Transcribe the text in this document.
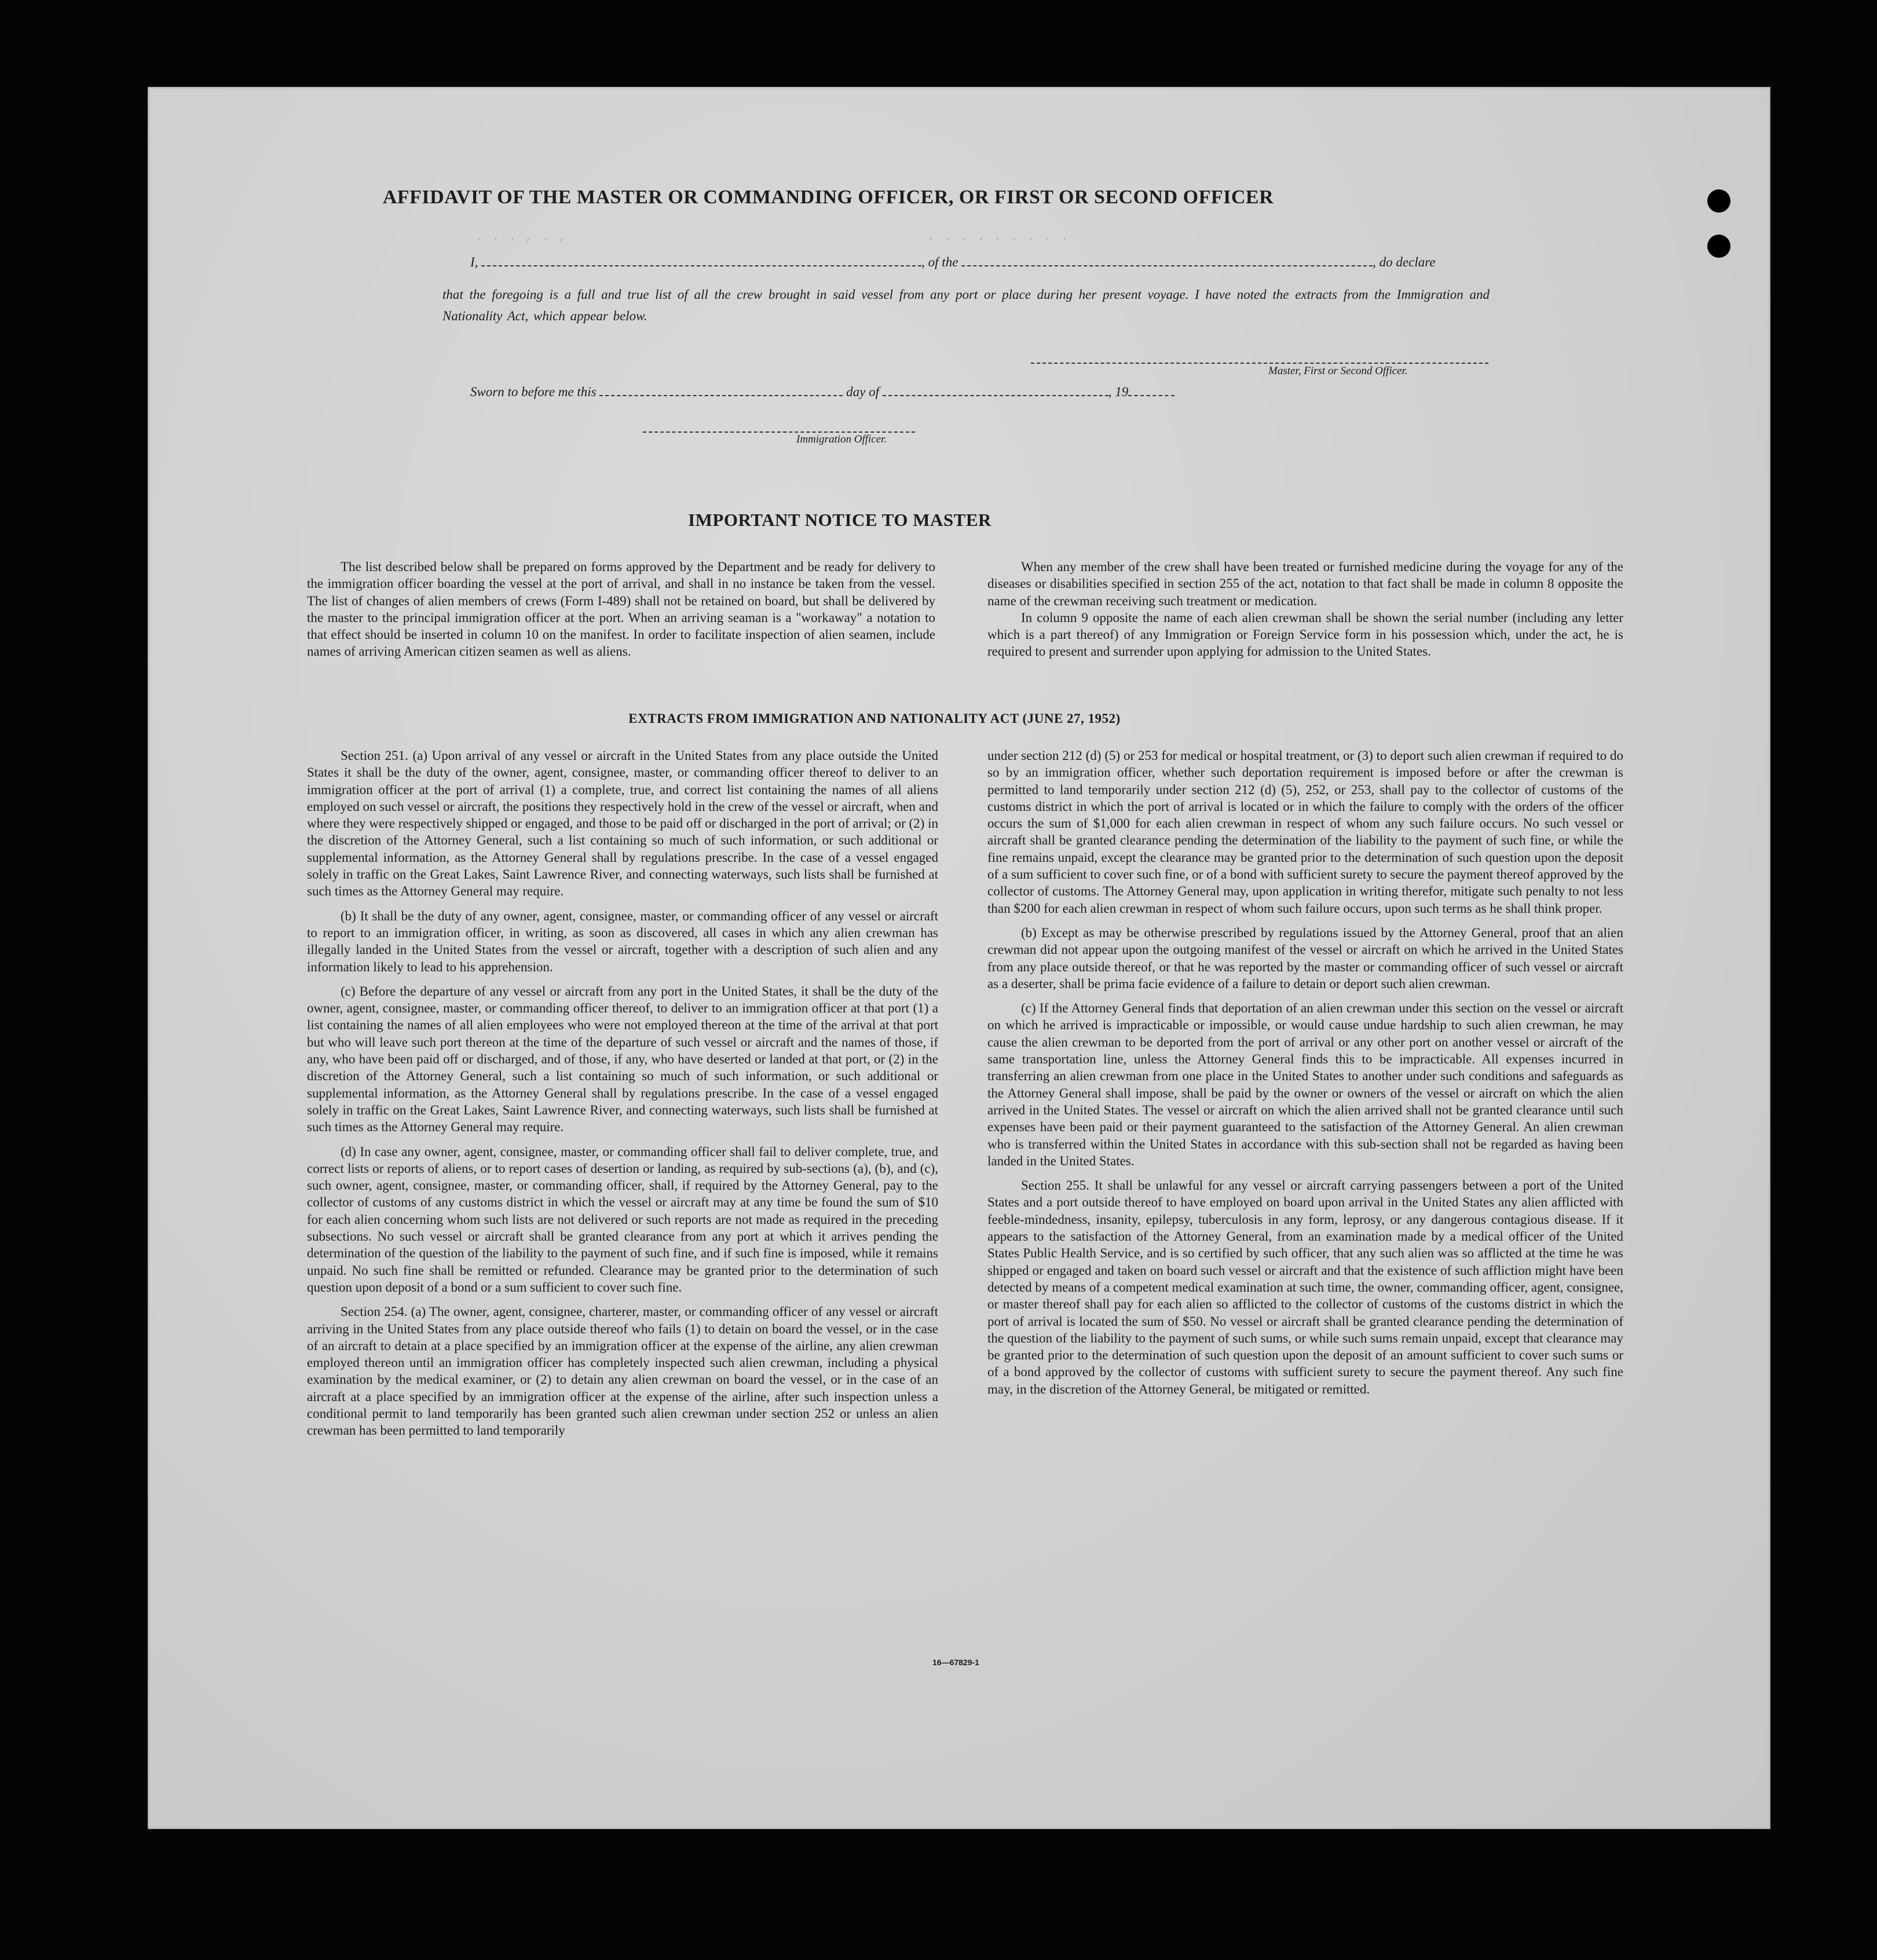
. . . , . ,	. . . . . . . . .
AFFIDAVIT OF THE MASTER OR COMMANDING OFFICER, OR FIRST OR SECOND OFFICER
I,	, of the	, do declare
that the foregoing is a full and true list of all the crew brought in said vessel from any port or place during her present voyage. I have noted the extracts from the Immigration and Nationality Act, which appear below.
Master, First or Second Officer.
Sworn to before me this	day of	, 19
Immigration Officer.
IMPORTANT NOTICE TO MASTER

The list described below shall be prepared on forms approved by the Department and be ready for delivery to the immigration officer boarding the vessel at the port of arrival, and shall in no instance be taken from the vessel. The list of changes of alien members of crews (Form I-489) shall not be retained on board, but shall be delivered by the master to the principal immigration officer at the port. When an arriving seaman is a "workaway" a notation to that effect should be inserted in column 10 on the manifest. In order to facilitate inspection of alien seamen, include names of arriving American citizen seamen as well as aliens.

When any member of the crew shall have been treated or furnished medicine during the voyage for any of the diseases or disabilities specified in section 255 of the act, notation to that fact shall be made in column 8 opposite the name of the crewman receiving such treatment or medication.

In column 9 opposite the name of each alien crewman shall be shown the serial number (including any letter which is a part thereof) of any Immigration or Foreign Service form in his possession which, under the act, he is required to present and surrender upon applying for admission to the United States.

EXTRACTS FROM IMMIGRATION AND NATIONALITY ACT (JUNE 27, 1952)

Section 251. (a) Upon arrival of any vessel or aircraft in the United States from any place outside the United States it shall be the duty of the owner, agent, consignee, master, or commanding officer thereof to deliver to an immigration officer at the port of arrival (1) a complete, true, and correct list containing the names of all aliens employed on such vessel or aircraft, the positions they respectively hold in the crew of the vessel or aircraft, when and where they were respectively shipped or engaged, and those to be paid off or discharged in the port of arrival; or (2) in the discretion of the Attorney General, such a list containing so much of such information, or such additional or supplemental information, as the Attorney General shall by regulations prescribe. In the case of a vessel engaged solely in traffic on the Great Lakes, Saint Lawrence River, and connecting waterways, such lists shall be furnished at such times as the Attorney General may require.

(b) It shall be the duty of any owner, agent, consignee, master, or commanding officer of any vessel or aircraft to report to an immigration officer, in writing, as soon as discovered, all cases in which any alien crewman has illegally landed in the United States from the vessel or aircraft, together with a description of such alien and any information likely to lead to his apprehension.

(c) Before the departure of any vessel or aircraft from any port in the United States, it shall be the duty of the owner, agent, consignee, master, or commanding officer thereof, to deliver to an immigration officer at that port (1) a list containing the names of all alien employees who were not employed thereon at the time of the arrival at that port but who will leave such port thereon at the time of the departure of such vessel or aircraft and the names of those, if any, who have been paid off or discharged, and of those, if any, who have deserted or landed at that port, or (2) in the discretion of the Attorney General, such a list containing so much of such information, or such additional or supplemental information, as the Attorney General shall by regulations prescribe. In the case of a vessel engaged solely in traffic on the Great Lakes, Saint Lawrence River, and connecting waterways, such lists shall be furnished at such times as the Attorney General may require.

(d) In case any owner, agent, consignee, master, or commanding officer shall fail to deliver complete, true, and correct lists or reports of aliens, or to report cases of desertion or landing, as required by sub-sections (a), (b), and (c), such owner, agent, consignee, master, or commanding officer, shall, if required by the Attorney General, pay to the collector of customs of any customs district in which the vessel or aircraft may at any time be found the sum of $10 for each alien concerning whom such lists are not delivered or such reports are not made as required in the preceding subsections. No such vessel or aircraft shall be granted clearance from any port at which it arrives pending the determination of the question of the liability to the payment of such fine, and if such fine is imposed, while it remains unpaid. No such fine shall be remitted or refunded. Clearance may be granted prior to the determination of such question upon deposit of a bond or a sum sufficient to cover such fine.

Section 254. (a) The owner, agent, consignee, charterer, master, or commanding officer of any vessel or aircraft arriving in the United States from any place outside thereof who fails (1) to detain on board the vessel, or in the case of an aircraft to detain at a place specified by an immigration officer at the expense of the airline, any alien crewman employed thereon until an immigration officer has completely inspected such alien crewman, including a physical examination by the medical examiner, or (2) to detain any alien crewman on board the vessel, or in the case of an aircraft at a place specified by an immigration officer at the expense of the airline, after such inspection unless a conditional permit to land temporarily has been granted such alien crewman under section 252 or unless an alien crewman has been permitted to land temporarily

under section 212 (d) (5) or 253 for medical or hospital treatment, or (3) to deport such alien crewman if required to do so by an immigration officer, whether such deportation requirement is imposed before or after the crewman is permitted to land temporarily under section 212 (d) (5), 252, or 253, shall pay to the collector of customs of the customs district in which the port of arrival is located or in which the failure to comply with the orders of the officer occurs the sum of $1,000 for each alien crewman in respect of whom any such failure occurs. No such vessel or aircraft shall be granted clearance pending the determination of the liability to the payment of such fine, or while the fine remains unpaid, except the clearance may be granted prior to the determination of such question upon the deposit of a sum sufficient to cover such fine, or of a bond with sufficient surety to secure the payment thereof approved by the collector of customs. The Attorney General may, upon application in writing therefor, mitigate such penalty to not less than $200 for each alien crewman in respect of whom such failure occurs, upon such terms as he shall think proper.

(b) Except as may be otherwise prescribed by regulations issued by the Attorney General, proof that an alien crewman did not appear upon the outgoing manifest of the vessel or aircraft on which he arrived in the United States from any place outside thereof, or that he was reported by the master or commanding officer of such vessel or aircraft as a deserter, shall be prima facie evidence of a failure to detain or deport such alien crewman.

(c) If the Attorney General finds that deportation of an alien crewman under this section on the vessel or aircraft on which he arrived is impracticable or impossible, or would cause undue hardship to such alien crewman, he may cause the alien crewman to be deported from the port of arrival or any other port on another vessel or aircraft of the same transportation line, unless the Attorney General finds this to be impracticable. All expenses incurred in transferring an alien crewman from one place in the United States to another under such conditions and safeguards as the Attorney General shall impose, shall be paid by the owner or owners of the vessel or aircraft on which the alien arrived in the United States. The vessel or aircraft on which the alien arrived shall not be granted clearance until such expenses have been paid or their payment guaranteed to the satisfaction of the Attorney General. An alien crewman who is transferred within the United States in accordance with this sub-section shall not be regarded as having been landed in the United States.

Section 255. It shall be unlawful for any vessel or aircraft carrying passengers between a port of the United States and a port outside thereof to have employed on board upon arrival in the United States any alien afflicted with feeble-mindedness, insanity, epilepsy, tuberculosis in any form, leprosy, or any dangerous contagious disease. If it appears to the satisfaction of the Attorney General, from an examination made by a medical officer of the United States Public Health Service, and is so certified by such officer, that any such alien was so afflicted at the time he was shipped or engaged and taken on board such vessel or aircraft and that the existence of such affliction might have been detected by means of a competent medical examination at such time, the owner, commanding officer, agent, consignee, or master thereof shall pay for each alien so afflicted to the collector of customs of the customs district in which the port of arrival is located the sum of $50. No vessel or aircraft shall be granted clearance pending the determination of the question of the liability to the payment of such sums, or while such sums remain unpaid, except that clearance may be granted prior to the determination of such question upon the deposit of an amount sufficient to cover such sums or of a bond approved by the collector of customs with sufficient surety to secure the payment thereof. Any such fine may, in the discretion of the Attorney General, be mitigated or remitted.

16—67829-1
